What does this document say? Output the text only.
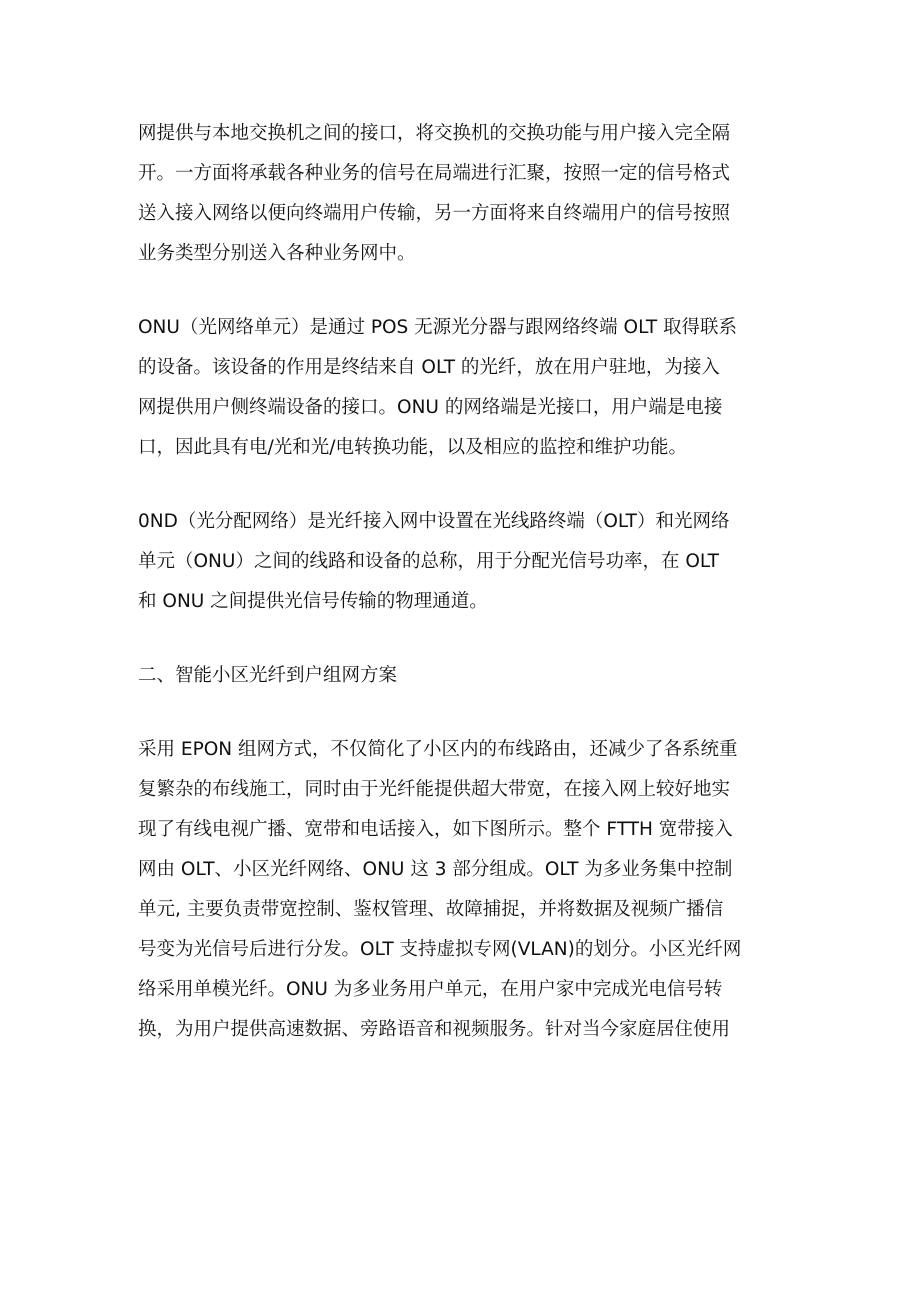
网提供与本地交换机之间的接口，将交换机的交换功能与用户接入完全隔
开。一方面将承载各种业务的信号在局端进行汇聚，按照一定的信号格式
送入接入网络以便向终端用户传输，另一方面将来自终端用户的信号按照
业务类型分别送入各种业务网中。
ONU（光网络单元）是通过 POS 无源光分器与跟网络终端 OLT 取得联系
的设备。该设备的作用是终结来自 OLT 的光纤，放在用户驻地，为接入
网提供用户侧终端设备的接口。ONU 的网络端是光接口，用户端是电接
口，因此具有电/光和光/电转换功能，以及相应的监控和维护功能。
0ND（光分配网络）是光纤接入网中设置在光线路终端（OLT）和光网络
单元（ONU）之间的线路和设备的总称，用于分配光信号功率，在 OLT
和 ONU 之间提供光信号传输的物理通道。
二、智能小区光纤到户组网方案
采用 EPON 组网方式，不仅简化了小区内的布线路由，还减少了各系统重
复繁杂的布线施工，同时由于光纤能提供超大带宽，在接入网上较好地实
现了有线电视广播、宽带和电话接入，如下图所示。整个 FTTH 宽带接入
网由 OLT、小区光纤网络、ONU 这 3 部分组成。OLT 为多业务集中控制
单元, 主要负责带宽控制、鉴权管理、故障捕捉，并将数据及视频广播信
号变为光信号后进行分发。OLT 支持虚拟专网(VLAN)的划分。小区光纤网
络采用单模光纤。ONU 为多业务用户单元，在用户家中完成光电信号转
换，为用户提供高速数据、旁路语音和视频服务。针对当今家庭居住使用
